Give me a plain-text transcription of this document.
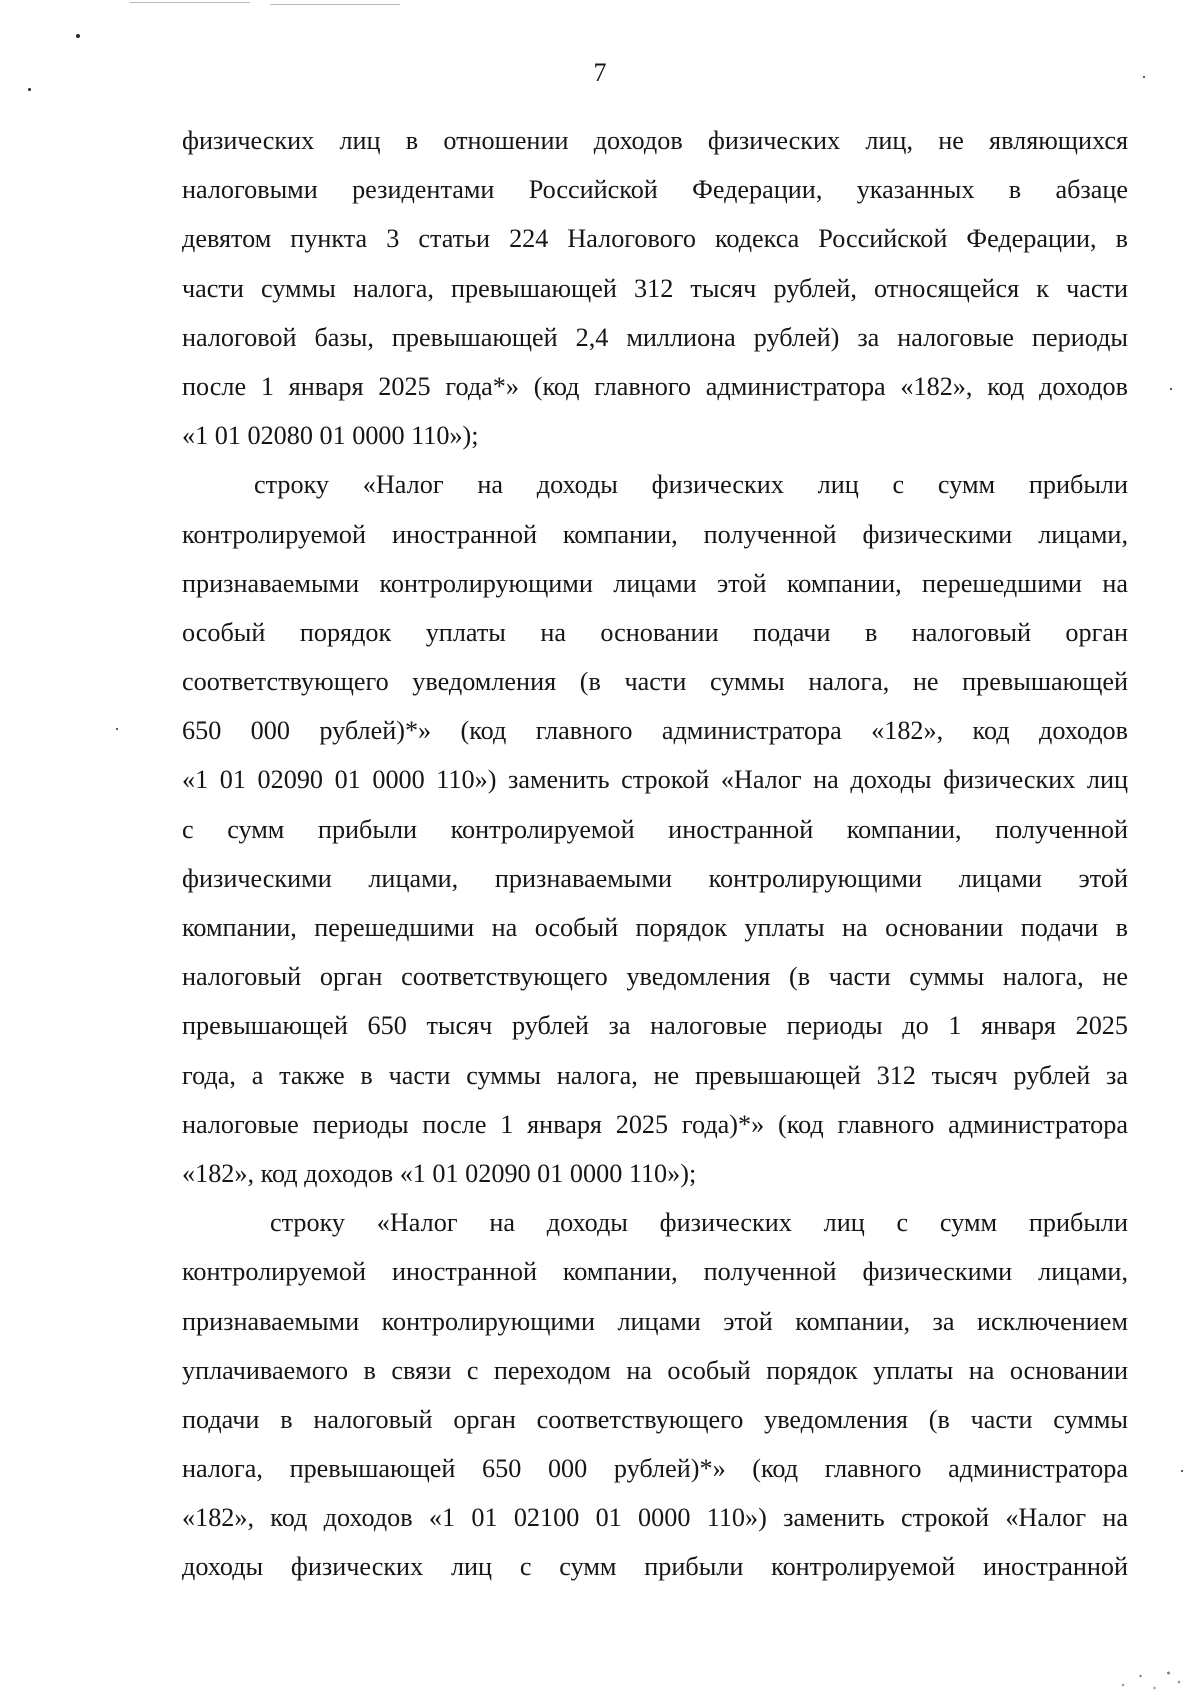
7
физических лиц в отношении доходов физических лиц, не являющихся
налоговыми резидентами Российской Федерации, указанных в абзаце
девятом пункта 3 статьи 224 Налогового кодекса Российской Федерации, в
части суммы налога, превышающей 312 тысяч рублей, относящейся к части
налоговой базы, превышающей 2,4 миллиона рублей) за налоговые периоды
после 1 января 2025 года*» (код главного администратора «182», код доходов
«1 01 02080 01 0000 110»);
строку «Налог на доходы физических лиц с сумм прибыли
контролируемой иностранной компании, полученной физическими лицами,
признаваемыми контролирующими лицами этой компании, перешедшими на
особый порядок уплаты на основании подачи в налоговый орган
соответствующего уведомления (в части суммы налога, не превышающей
650 000 рублей)*» (код главного администратора «182», код доходов
«1 01 02090 01 0000 110») заменить строкой «Налог на доходы физических лиц
с сумм прибыли контролируемой иностранной компании, полученной
физическими лицами, признаваемыми контролирующими лицами этой
компании, перешедшими на особый порядок уплаты на основании подачи в
налоговый орган соответствующего уведомления (в части суммы налога, не
превышающей 650 тысяч рублей за налоговые периоды до 1 января 2025
года, а также в части суммы налога, не превышающей 312 тысяч рублей за
налоговые периоды после 1 января 2025 года)*» (код главного администратора
«182», код доходов «1 01 02090 01 0000 110»);
строку «Налог на доходы физических лиц с сумм прибыли
контролируемой иностранной компании, полученной физическими лицами,
признаваемыми контролирующими лицами этой компании, за исключением
уплачиваемого в связи с переходом на особый порядок уплаты на основании
подачи в налоговый орган соответствующего уведомления (в части суммы
налога, превышающей 650 000 рублей)*» (код главного администратора
«182», код доходов «1 01 02100 01 0000 110») заменить строкой «Налог на
доходы физических лиц с сумм прибыли контролируемой иностранной
